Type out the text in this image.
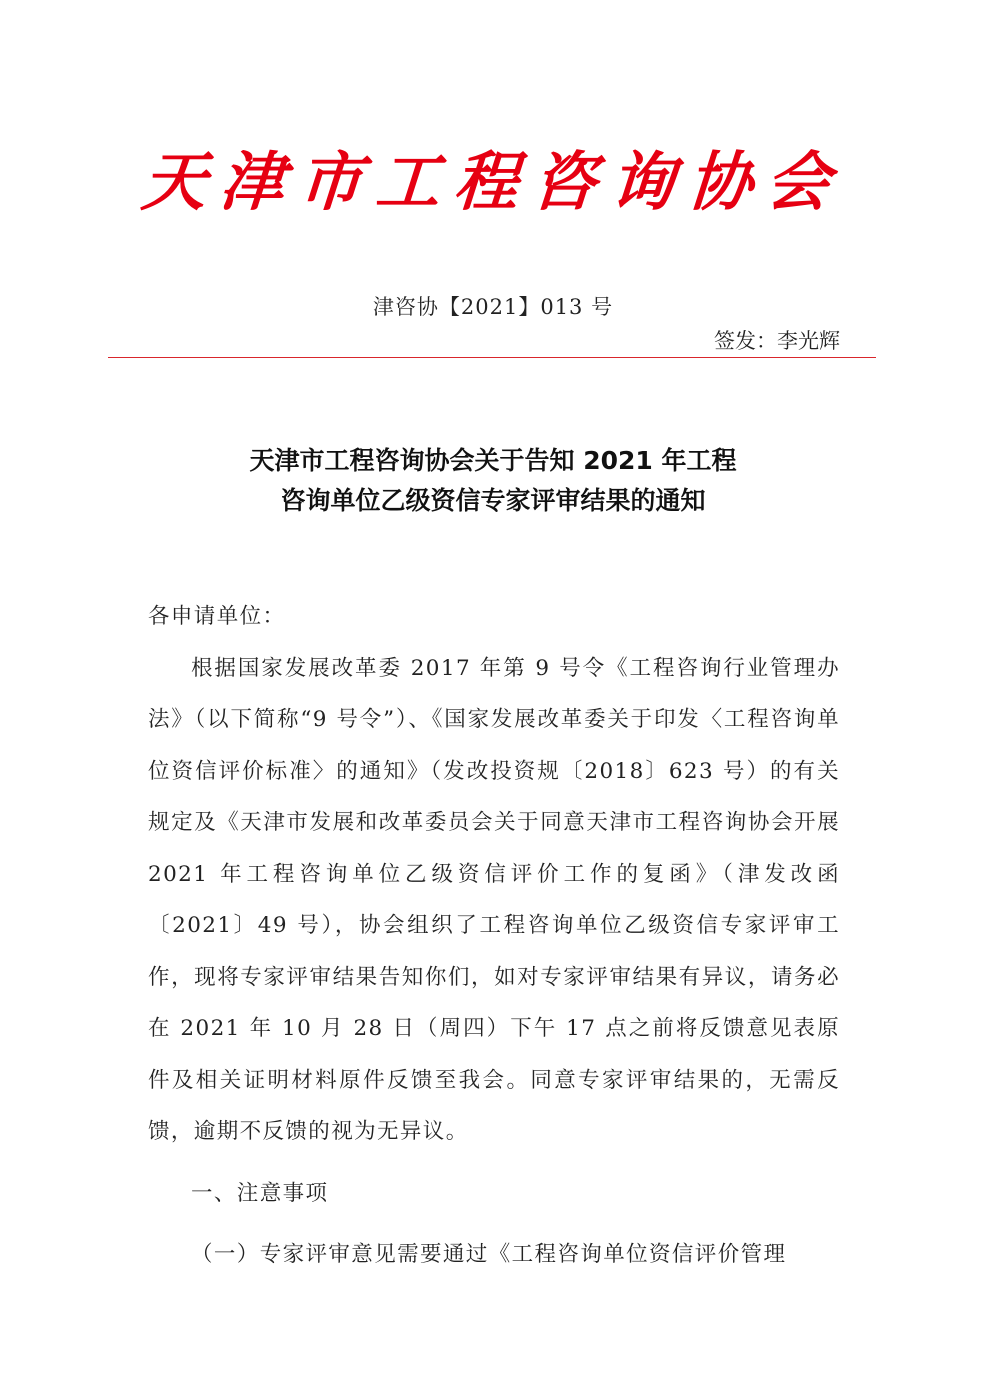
天津市工程咨询协会
津咨协【2021】013 号
签发：李光辉
天津市工程咨询协会关于告知 2021 年工程
咨询单位乙级资信专家评审结果的通知

各申请单位：

根据国家发展改革委 2017 年第 9 号令《工程咨询行业管理办法》（以下简称“9 号令”）、《国家发展改革委关于印发〈工程咨询单位资信评价标准〉的通知》（发改投资规〔2018〕623 号）的有关规定及《天津市发展和改革委员会关于同意天津市工程咨询协会开展 2021 年工程咨询单位乙级资信评价工作的复函》（津发改函〔2021〕49 号），协会组织了工程咨询单位乙级资信专家评审工作，现将专家评审结果告知你们，如对专家评审结果有异议，请务必在 2021 年 10 月 28 日（周四）下午 17 点之前将反馈意见表原件及相关证明材料原件反馈至我会。同意专家评审结果的，无需反馈，逾期不反馈的视为无异议。

一、注意事项

（一）专家评审意见需要通过《工程咨询单位资信评价管理
